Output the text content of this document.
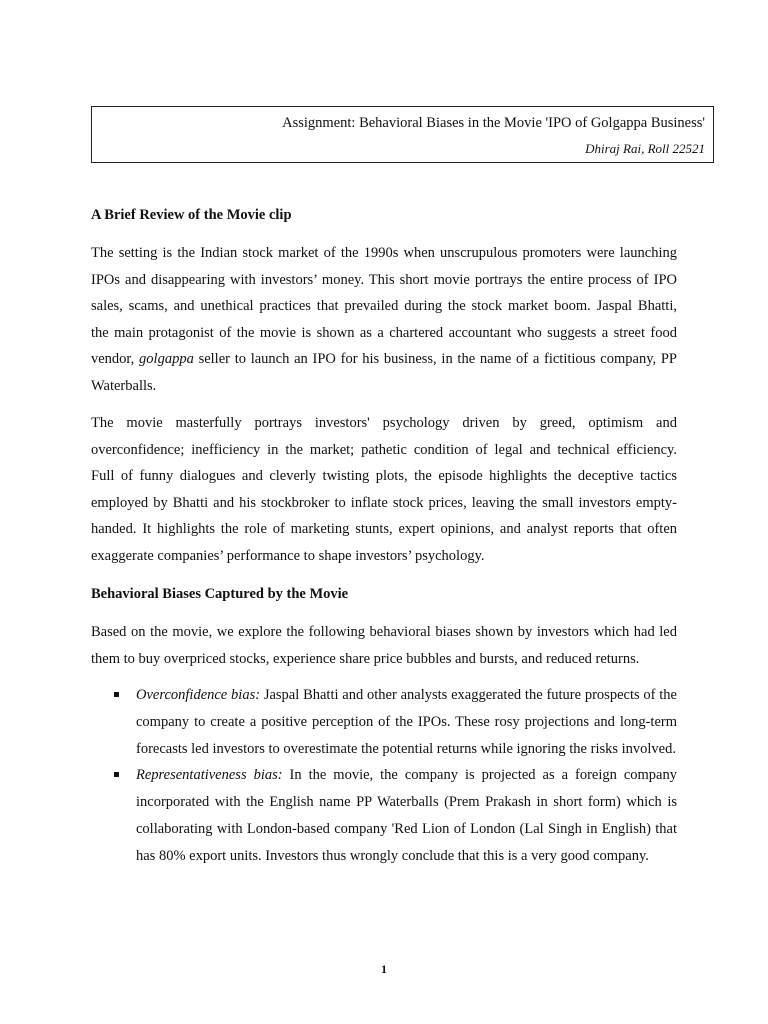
Assignment: Behavioral Biases in the Movie 'IPO of Golgappa Business'
Dhiraj Rai, Roll 22521
A Brief Review of the Movie clip
The setting is the Indian stock market of the 1990s when unscrupulous promoters were launching
IPOs and disappearing with investors’ money. This short movie portrays the entire process of IPO
sales, scams, and unethical practices that prevailed during the stock market boom. Jaspal Bhatti,
the main protagonist of the movie is shown as a chartered accountant who suggests a street food
vendor, golgappa seller to launch an IPO for his business, in the name of a fictitious company, PP
Waterballs.
The movie masterfully portrays investors' psychology driven by greed, optimism and
overconfidence; inefficiency in the market; pathetic condition of legal and technical efficiency.
Full of funny dialogues and cleverly twisting plots, the episode highlights the deceptive tactics
employed by Bhatti and his stockbroker to inflate stock prices, leaving the small investors empty-
handed. It highlights the role of marketing stunts, expert opinions, and analyst reports that often
exaggerate companies’ performance to shape investors’ psychology.
Behavioral Biases Captured by the Movie
Based on the movie, we explore the following behavioral biases shown by investors which had led
them to buy overpriced stocks, experience share price bubbles and bursts, and reduced returns.
Overconfidence bias: Jaspal Bhatti and other analysts exaggerated the future prospects of the company to create a positive perception of the IPOs. These rosy projections and long-term forecasts led investors to overestimate the potential returns while ignoring the risks involved.
Representativeness bias: In the movie, the company is projected as a foreign company incorporated with the English name PP Waterballs (Prem Prakash in short form) which is collaborating with London-based company 'Red Lion of London (Lal Singh in English) that has 80% export units. Investors thus wrongly conclude that this is a very good company.
1
